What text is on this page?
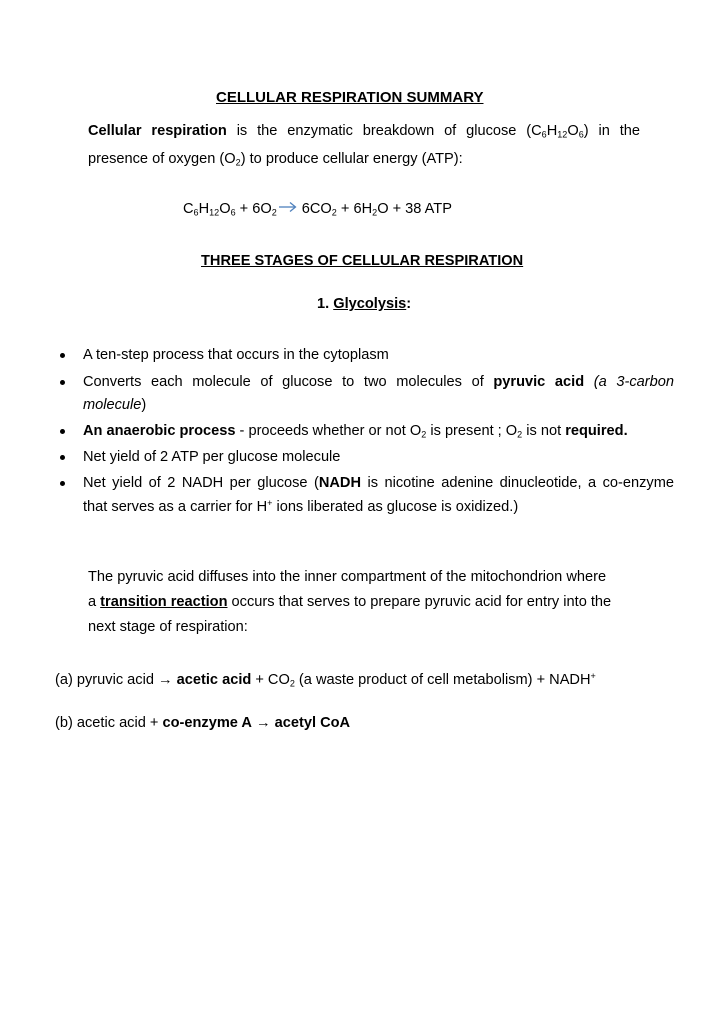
CELLULAR RESPIRATION SUMMARY
Cellular respiration is the enzymatic breakdown of glucose $(C_6H_{12}O_6)$ in the
presence of oxygen $(O_2)$ to produce cellular energy (ATP):
$C_6H_{12}O_6 + 6O_2$ $6CO_2 + 6H_2O + 38$ ATP
THREE STAGES OF CELLULAR RESPIRATION
1. Glycolysis:
A ten-step process that occurs in the cytoplasm
Converts each molecule of glucose to two molecules of pyruvic acid (a 3-carbon
molecule)
An anaerobic process - proceeds whether or not $O_2$ is present ; $O_2$ is not required.
Net yield of 2 ATP per glucose molecule
Net yield of 2 NADH per glucose (NADH is nicotine adenine dinucleotide, a co-enzyme
that serves as a carrier for H+ ions liberated as glucose is oxidized.)
The pyruvic acid diffuses into the inner compartment of the mitochondrion where
a transition reaction occurs that serves to prepare pyruvic acid for entry into the
next stage of respiration:
(a) pyruvic acid → acetic acid + $CO_2$ (a waste product of cell metabolism) + NADH+
(b) acetic acid + co-enzyme A → acetyl CoA
